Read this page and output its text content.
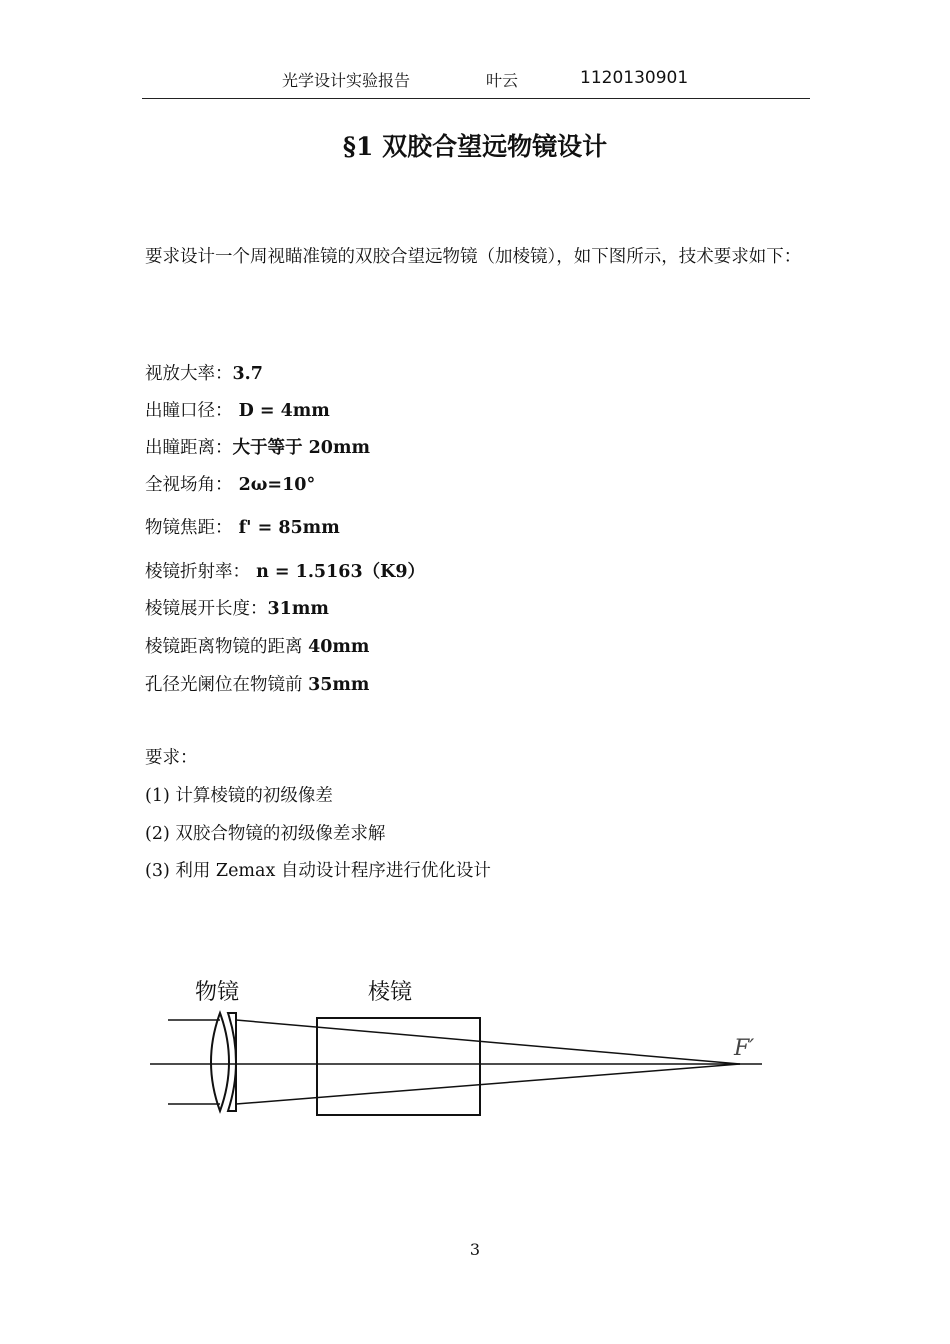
光学设计实验报告	叶云	1120130901
§1 双胶合望远物镜设计
要求设计一个周视瞄准镜的双胶合望远物镜（加棱镜），如下图所示，技术要求如下：
视放大率：3.7
出瞳口径： D = 4mm
出瞳距离：大于等于 20mm
全视场角： 2ω=10°
物镜焦距： f' = 85mm
棱镜折射率： n = 1.5163（K9）
棱镜展开长度：31mm
棱镜距离物镜的距离 40mm
孔径光阑位在物镜前 35mm
要求：
(1) 计算棱镜的初级像差
(2) 双胶合物镜的初级像差求解
(3) 利用 Zemax 自动设计程序进行优化设计
物镜	棱镜
F′
3
